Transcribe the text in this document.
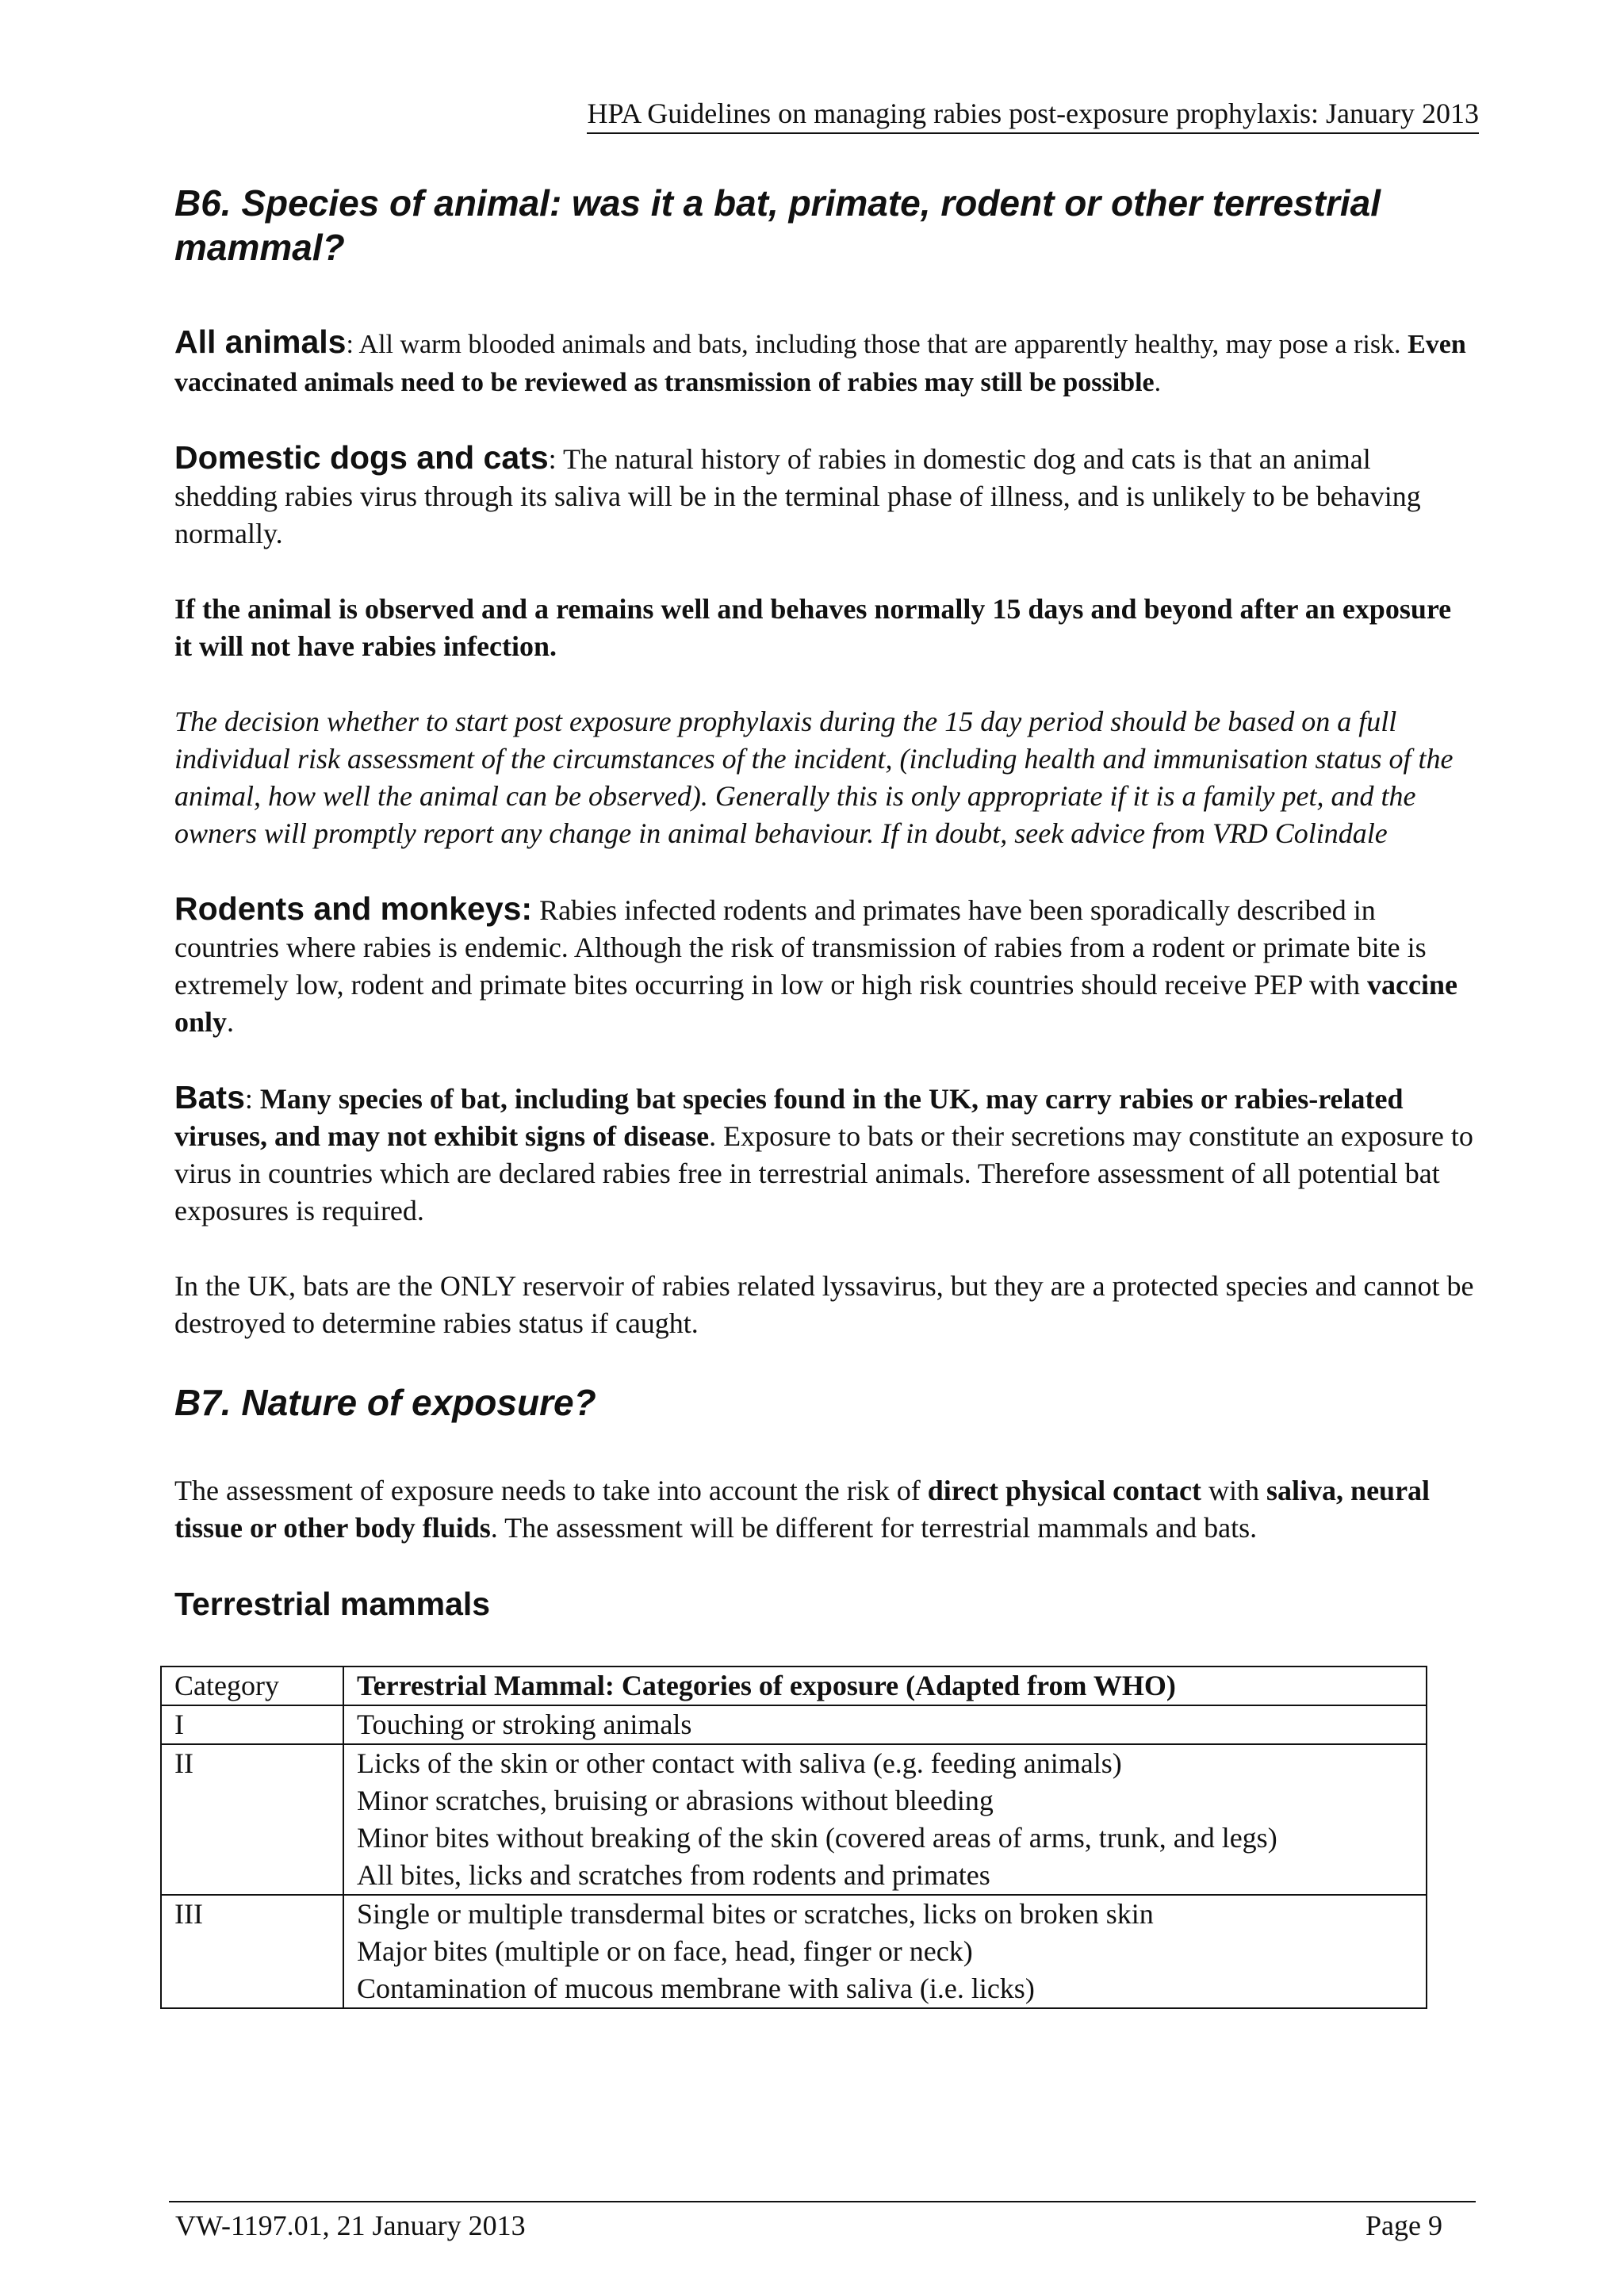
HPA Guidelines on managing rabies post-exposure prophylaxis: January 2013
B6. Species of animal: was it a bat, primate, rodent or other terrestrial mammal?

All animals: All warm blooded animals and bats, including those that are apparently healthy, may pose a risk. Even vaccinated animals need to be reviewed as transmission of rabies may still be possible.

Domestic dogs and cats: The natural history of rabies in domestic dog and cats is that an animal shedding rabies virus through its saliva will be in the terminal phase of illness, and is unlikely to be behaving normally.

If the animal is observed and a remains well and behaves normally 15 days and beyond after an exposure it will not have rabies infection.

The decision whether to start post exposure prophylaxis during the 15 day period should be based on a full individual risk assessment of the circumstances of the incident, (including health and immunisation status of the animal, how well the animal can be observed). Generally this is only appropriate if it is a family pet, and the owners will promptly report any change in animal behaviour. If in doubt, seek advice from VRD Colindale

Rodents and monkeys: Rabies infected rodents and primates have been sporadically described in countries where rabies is endemic. Although the risk of transmission of rabies from a rodent or primate bite is extremely low, rodent and primate bites occurring in low or high risk countries should receive PEP with vaccine only.

Bats: Many species of bat, including bat species found in the UK, may carry rabies or rabies-related viruses, and may not exhibit signs of disease. Exposure to bats or their secretions may constitute an exposure to virus in countries which are declared rabies free in terrestrial animals. Therefore assessment of all potential bat exposures is required.

In the UK, bats are the ONLY reservoir of rabies related lyssavirus, but they are a protected species and cannot be destroyed to determine rabies status if caught.

B7. Nature of exposure?

The assessment of exposure needs to take into account the risk of direct physical contact with saliva, neural tissue or other body fluids. The assessment will be different for terrestrial mammals and bats.

Terrestrial mammals
Category	Terrestrial Mammal: Categories of exposure (Adapted from WHO)
I	Touching or stroking animals

II	Licks of the skin or other contact with saliva (e.g. feeding animals)
Minor scratches, bruising or abrasions without bleeding
Minor bites without breaking of the skin (covered areas of arms, trunk, and legs)
All bites, licks and scratches from rodents and primates

III	Single or multiple transdermal bites or scratches, licks on broken skin
Major bites (multiple or on face, head, finger or neck)
Contamination of mucous membrane with saliva (i.e. licks)
VW-1197.01, 21 January 2013	Page 9
